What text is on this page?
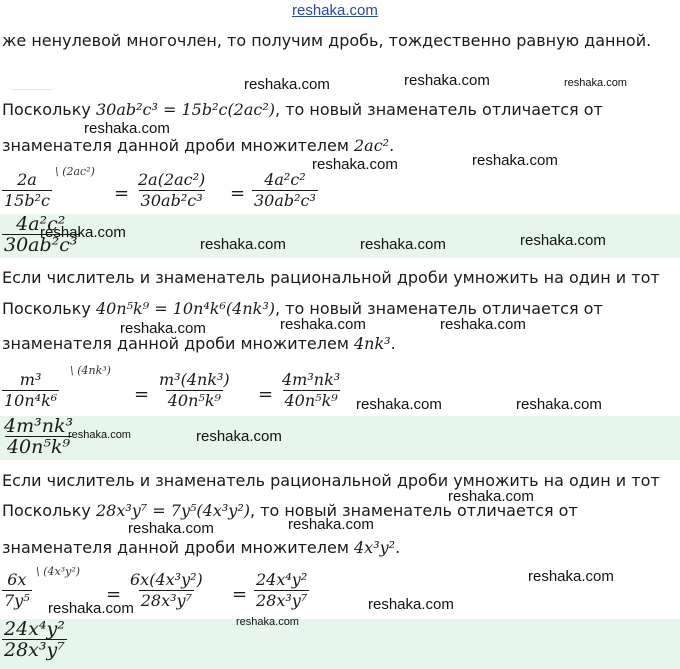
reshaka.com
же ненулевой многочлен, то получим дробь, тождественно равную данной.
Поскольку 30ab²c³ = 15b²c(2ac²), то новый знаменатель отличается от
знаменателя данной дроби множителем 2ac².
$\frac{2a}{\text{15b²c}}$ \ (2ac²)
= $\frac{\text{2a(2ac²)}}{\text{30ab²c³}} = \frac{\text{4a²c²}}{\text{30ab²c³}}$
$\frac{\text{4a²c²}}{\text{30ab²c³}}$
Если числитель и знаменатель рациональной дроби умножить на один и тот
Поскольку 40n⁵k⁹ = 10n⁴k⁶(4nk³), то новый знаменатель отличается от
знаменателя данной дроби множителем 4nk³.
$\frac{\text{m³}}{\text{10n⁴k⁶}}$ \ (4nk³)
= $\frac{\text{m³(4nk³)}}{\text{40n⁵k⁹}} = \frac{\text{4m³nk³}}{\text{40n⁵k⁹}}$
$\frac{\text{4m³nk³}}{\text{40n⁵k⁹}}$
Если числитель и знаменатель рациональной дроби умножить на один и тот
Поскольку 28x³y⁷ = 7y⁵(4x³y²), то новый знаменатель отличается от
знаменателя данной дроби множителем 4x³y².
$\frac{6x}{\text{7y⁵}}$ \ (4x³y²)
= $\frac{\text{6x(4x³y²)}}{\text{28x³y⁷}} = \frac{\text{24x⁴y²}}{\text{28x³y⁷}}$
$\frac{\text{24x⁴y²}}{\text{28x³y⁷}}$
reshaka.com	reshaka.com	reshaka.com
reshaka.com
reshaka.com	reshaka.com
reshaka.com
reshaka.com	reshaka.com	reshaka.com
reshaka.com	reshaka.com	reshaka.com
reshaka.com	reshaka.com
reshaka.com	reshaka.com
reshaka.com
reshaka.com	reshaka.com
reshaka.com
reshaka.com	reshaka.com
reshaka.com
